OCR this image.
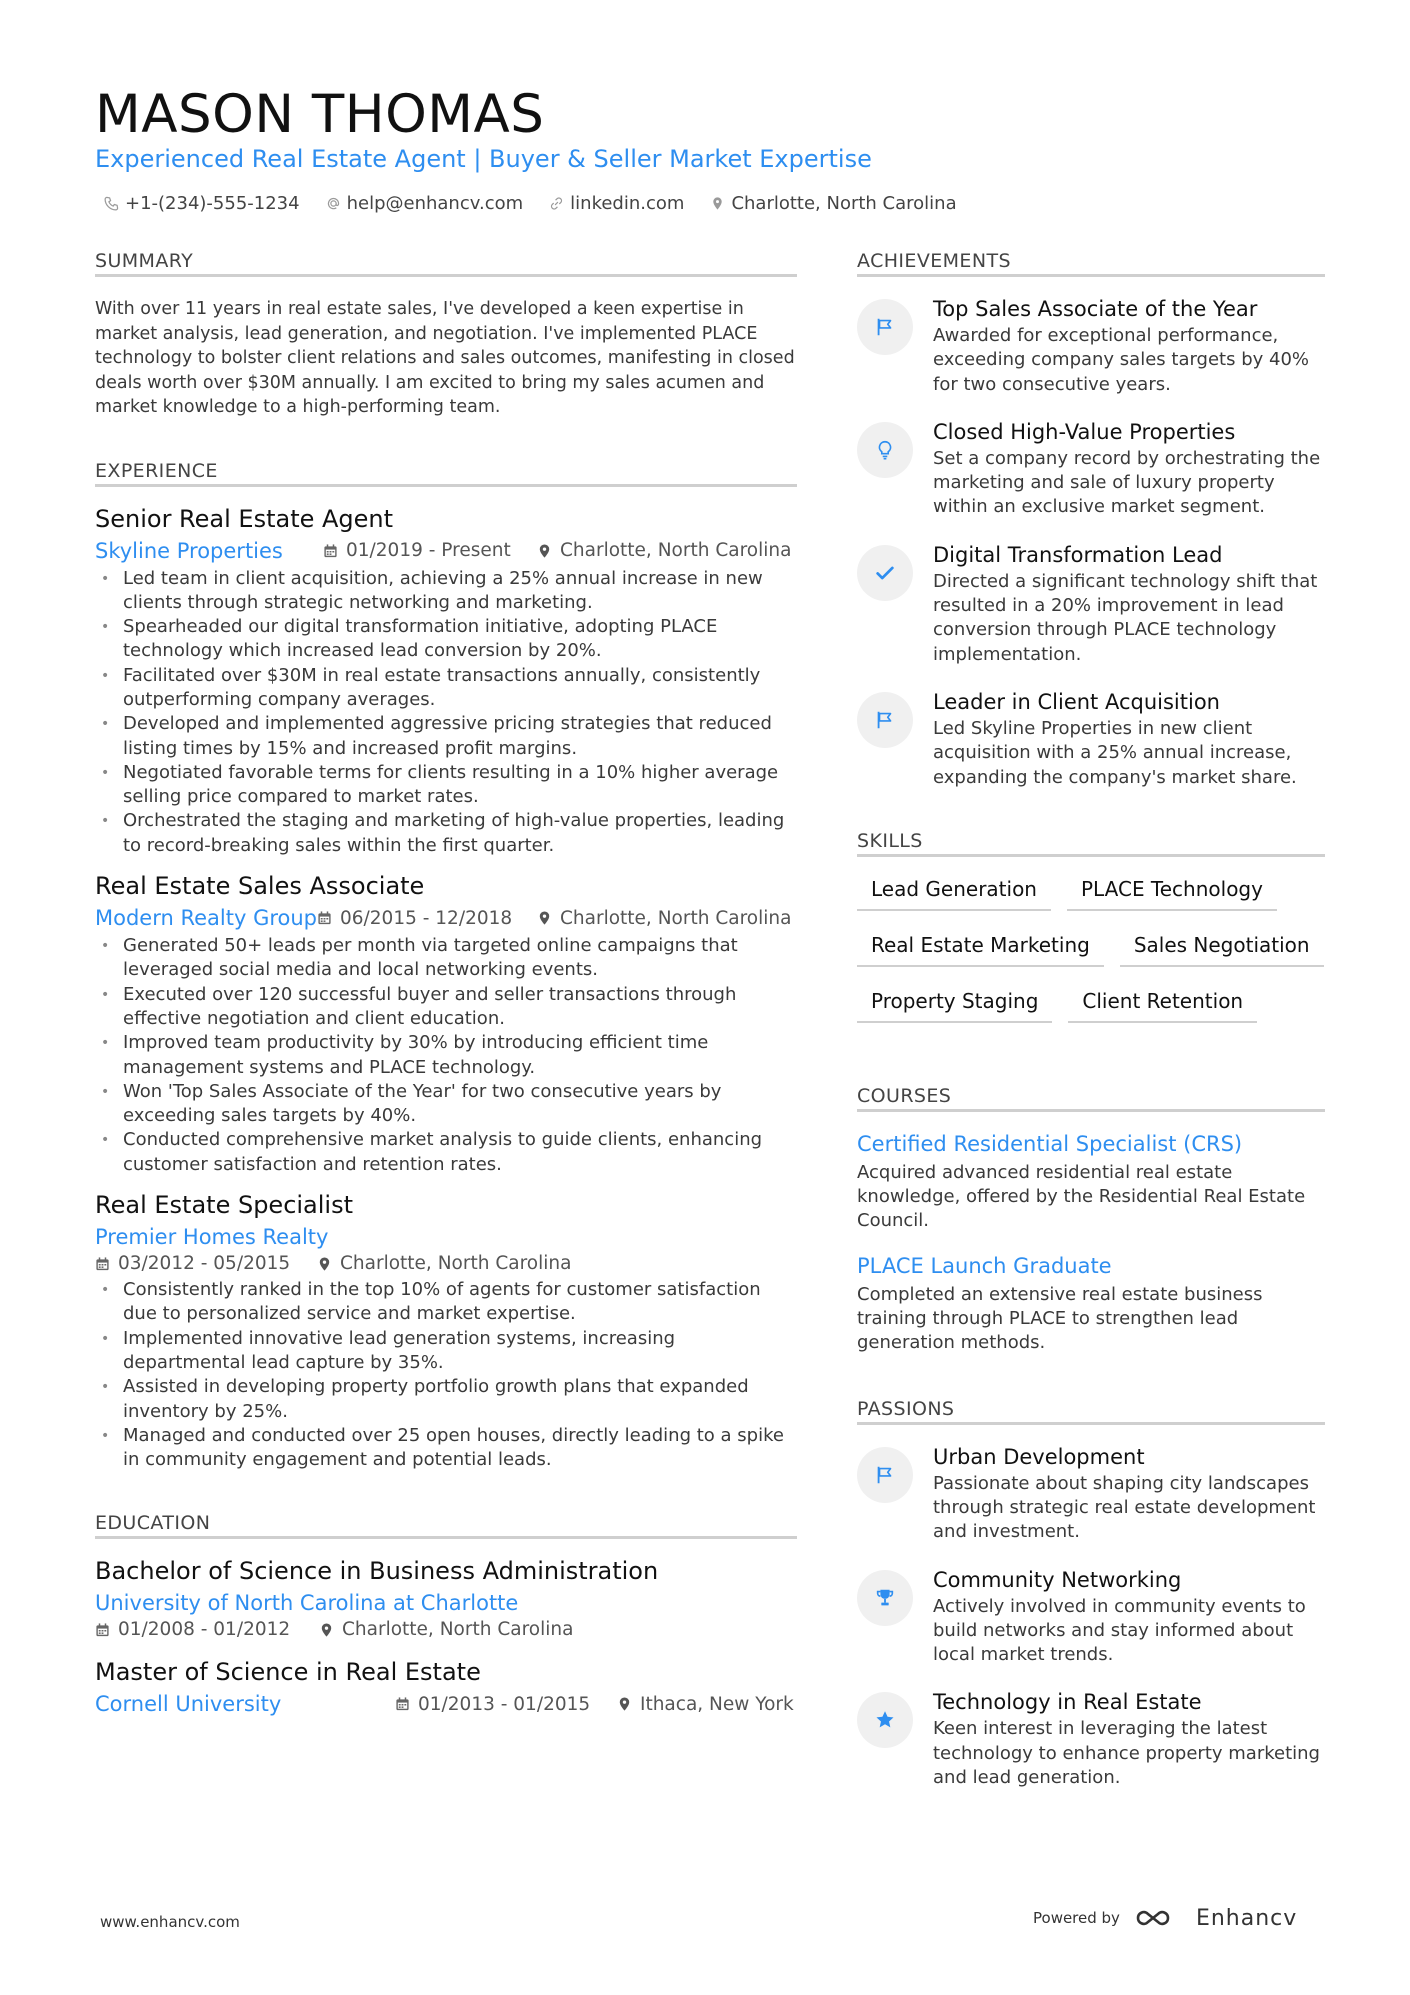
MASON THOMAS
Experienced Real Estate Agent | Buyer & Seller Market Expertise
+1-(234)-555-1234	help@enhancv.com	linkedin.com	Charlotte, North Carolina
SUMMARY
With over 11 years in real estate sales, I've developed a keen expertise in market analysis, lead generation, and negotiation. I've implemented PLACE technology to bolster client relations and sales outcomes, manifesting in closed deals worth over $30M annually. I am excited to bring my sales acumen and market knowledge to a high-performing team.
EXPERIENCE
Senior Real Estate Agent
Skyline Properties	01/2019 - Present	Charlotte, North Carolina
• Led team in client acquisition, achieving a 25% annual increase in new clients through strategic networking and marketing.
• Spearheaded our digital transformation initiative, adopting PLACE technology which increased lead conversion by 20%.
• Facilitated over $30M in real estate transactions annually, consistently outperforming company averages.
• Developed and implemented aggressive pricing strategies that reduced listing times by 15% and increased profit margins.
• Negotiated favorable terms for clients resulting in a 10% higher average selling price compared to market rates.
• Orchestrated the staging and marketing of high-value properties, leading to record-breaking sales within the first quarter.
Real Estate Sales Associate
Modern Realty Group 06/2015 - 12/2018	Charlotte, North Carolina
• Generated 50+ leads per month via targeted online campaigns that leveraged social media and local networking events.
• Executed over 120 successful buyer and seller transactions through effective negotiation and client education.
• Improved team productivity by 30% by introducing efficient time management systems and PLACE technology.
• Won 'Top Sales Associate of the Year' for two consecutive years by exceeding sales targets by 40%.
• Conducted comprehensive market analysis to guide clients, enhancing customer satisfaction and retention rates.
Real Estate Specialist
Premier Homes Realty
03/2012 - 05/2015	Charlotte, North Carolina
• Consistently ranked in the top 10% of agents for customer satisfaction due to personalized service and market expertise.
• Implemented innovative lead generation systems, increasing departmental lead capture by 35%.
• Assisted in developing property portfolio growth plans that expanded inventory by 25%.
• Managed and conducted over 25 open houses, directly leading to a spike in community engagement and potential leads.
EDUCATION
Bachelor of Science in Business Administration
University of North Carolina at Charlotte
01/2008 - 01/2012	Charlotte, North Carolina
Master of Science in Real Estate
Cornell University	01/2013 - 01/2015	Ithaca, New York
ACHIEVEMENTS
Top Sales Associate of the Year
Awarded for exceptional performance, exceeding company sales targets by 40% for two consecutive years.
Closed High-Value Properties
Set a company record by orchestrating the marketing and sale of luxury property within an exclusive market segment.
Digital Transformation Lead
Directed a significant technology shift that resulted in a 20% improvement in lead conversion through PLACE technology implementation.
Leader in Client Acquisition
Led Skyline Properties in new client acquisition with a 25% annual increase, expanding the company's market share.
SKILLS
Lead Generation	PLACE Technology
Real Estate Marketing	Sales Negotiation
Property Staging	Client Retention
COURSES
Certified Residential Specialist (CRS)
Acquired advanced residential real estate knowledge, offered by the Residential Real Estate Council.
PLACE Launch Graduate
Completed an extensive real estate business training through PLACE to strengthen lead generation methods.
PASSIONS
Urban Development
Passionate about shaping city landscapes through strategic real estate development and investment.
Community Networking
Actively involved in community events to build networks and stay informed about local market trends.
Technology in Real Estate
Keen interest in leveraging the latest technology to enhance property marketing and lead generation.
www.enhancv.com	Powered by	Enhancv
